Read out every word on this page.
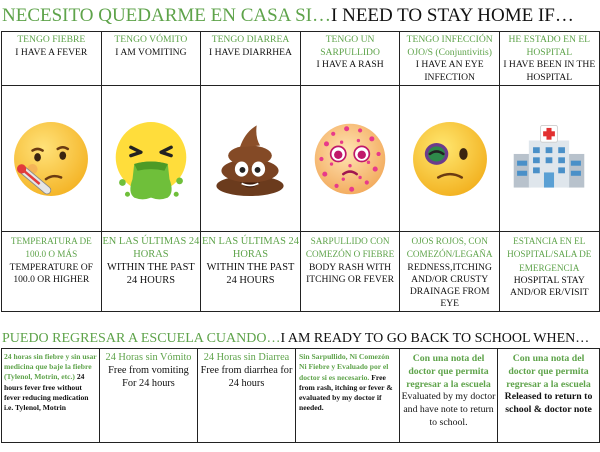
NECESITO QUEDARME EN CASA SI…I NEED TO STAY HOME IF…
TENGO FIEBRE
I HAVE A FEVER	TENGO VÓMITO
I AM VOMITING	TENGO DIARREA
I HAVE DIARRHEA	TENGO UN SARPULLIDO
I HAVE A RASH	TENGO INFECCIÓN OJO/S (Conjuntivitis)
I HAVE AN EYE INFECTION	HE ESTADO EN EL HOSPITAL
I HAVE BEEN IN THE HOSPITAL

TEMPERATURA DE 100.0 O MÁS
TEMPERATURE OF 100.0 OR HIGHER	EN LAS ÚLTIMAS 24 HORAS
WITHIN THE PAST 24 HOURS	EN LAS ÚLTIMAS 24 HORAS
WITHIN THE PAST 24 HOURS	SARPULLIDO CON COMEZÓN O FIEBRE
BODY RASH WITH ITCHING OR FEVER	OJOS ROJOS, CON COMEZÓN/LEGAÑA
REDNESS,ITCHING AND/OR CRUSTY DRAINAGE FROM EYE	ESTANCIA EN EL HOSPITAL/SALA DE EMERGENCIA
HOSPITAL STAY AND/OR ER/VISIT
PUEDO REGRESAR A ESCUELA CUANDO…I AM READY TO GO BACK TO SCHOOL WHEN…
24 horas sin fiebre y sin usar medicina que baje la fiebre (Tylenol, Motrin, etc.) 24 hours fever free without fever reducing medication i.e. Tylenol, Motrin	24 Horas sin Vómito
Free from vomiting For 24 hours	24 Horas sin Diarrea
Free from diarrhea for 24 hours	Sin Sarpullido, Ni Comezón Ni Fiebre y Evaluado por el doctor si es necesario. Free from rash, itching or fever & evaluated by my doctor if needed.	Con una nota del doctor que permita regresar a la escuela
Evaluated by my doctor and have note to return to school.	Con una nota del doctor que permita regresar a la escuela
Released to return to school & doctor note
